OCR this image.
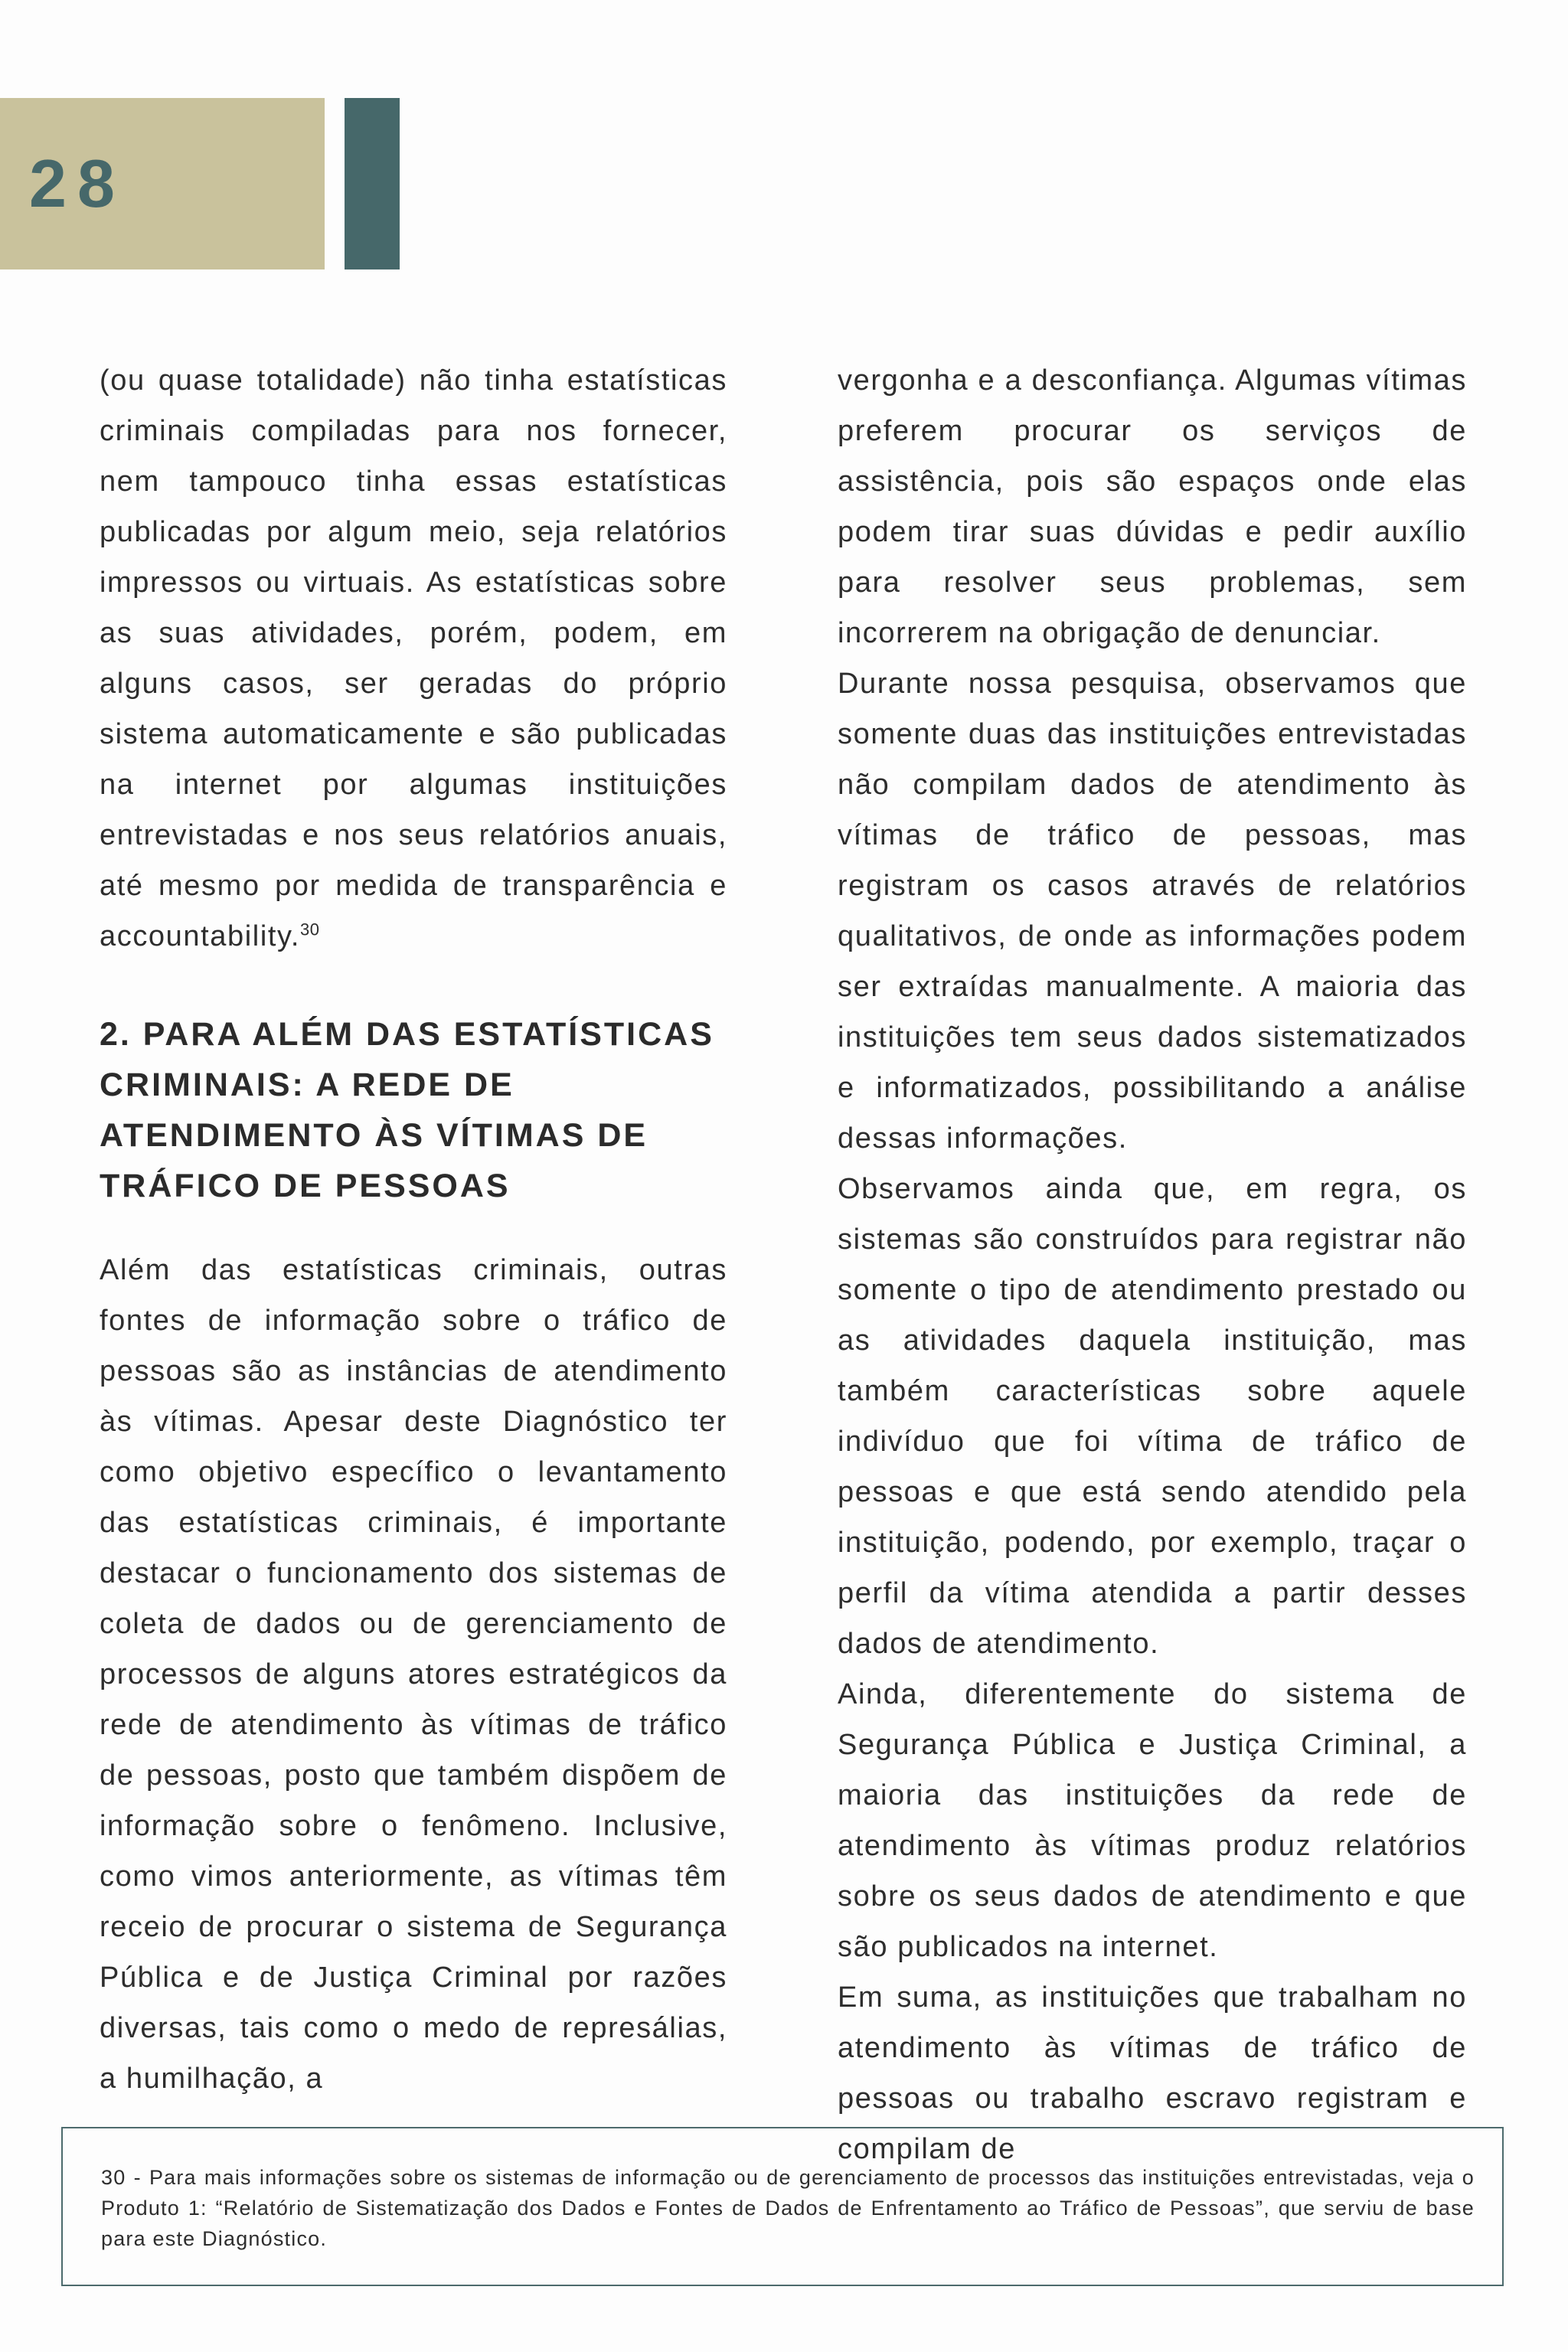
28

(ou quase totalidade) não tinha estatísticas criminais compiladas para nos fornecer, nem tampouco tinha essas estatísticas publicadas por algum meio, seja relatórios impressos ou virtuais. As estatísticas sobre as suas atividades, porém, podem, em alguns casos, ser geradas do próprio sistema automaticamente e são publicadas na internet por algumas instituições entrevistadas e nos seus relatórios anuais, até mesmo por medida de transparência e accountability.$^{30}$

2. PARA ALÉM DAS ESTATÍSTICAS CRIMINAIS: A REDE DE ATENDIMENTO ÀS VÍTIMAS DE TRÁFICO DE PESSOAS

Além das estatísticas criminais, outras fontes de informação sobre o tráfico de pessoas são as instâncias de atendimento às vítimas. Apesar deste Diagnóstico ter como objetivo específico o levantamento das estatísticas criminais, é importante destacar o funcionamento dos sistemas de coleta de dados ou de gerenciamento de processos de alguns atores estratégicos da rede de atendimento às vítimas de tráfico de pessoas, posto que também dispõem de informação sobre o fenômeno. Inclusive, como vimos anteriormente, as vítimas têm receio de procurar o sistema de Segurança Pública e de Justiça Criminal por razões diversas, tais como o medo de represálias, a humilhação, a

vergonha e a desconfiança. Algumas vítimas preferem procurar os serviços de assistência, pois são espaços onde elas podem tirar suas dúvidas e pedir auxílio para resolver seus problemas, sem incorrerem na obrigação de denunciar.

Durante nossa pesquisa, observamos que somente duas das instituições entrevistadas não compilam dados de atendimento às vítimas de tráfico de pessoas, mas registram os casos através de relatórios qualitativos, de onde as informações podem ser extraídas manualmente. A maioria das instituições tem seus dados sistematizados e informatizados, possibilitando a análise dessas informações.

Observamos ainda que, em regra, os sistemas são construídos para registrar não somente o tipo de atendimento prestado ou as atividades daquela instituição, mas também características sobre aquele indivíduo que foi vítima de tráfico de pessoas e que está sendo atendido pela instituição, podendo, por exemplo, traçar o perfil da vítima atendida a partir desses dados de atendimento.

Ainda, diferentemente do sistema de Segurança Pública e Justiça Criminal, a maioria das instituições da rede de atendimento às vítimas produz relatórios sobre os seus dados de atendimento e que são publicados na internet.

Em suma, as instituições que trabalham no atendimento às vítimas de tráfico de pessoas ou trabalho escravo registram e compilam de

30 - Para mais informações sobre os sistemas de informação ou de gerenciamento de processos das instituições entrevistadas, veja o Produto 1: “Relatório de Sistematização dos Dados e Fontes de Dados de Enfrentamento ao Tráfico de Pessoas”, que serviu de base para este Diagnóstico.
